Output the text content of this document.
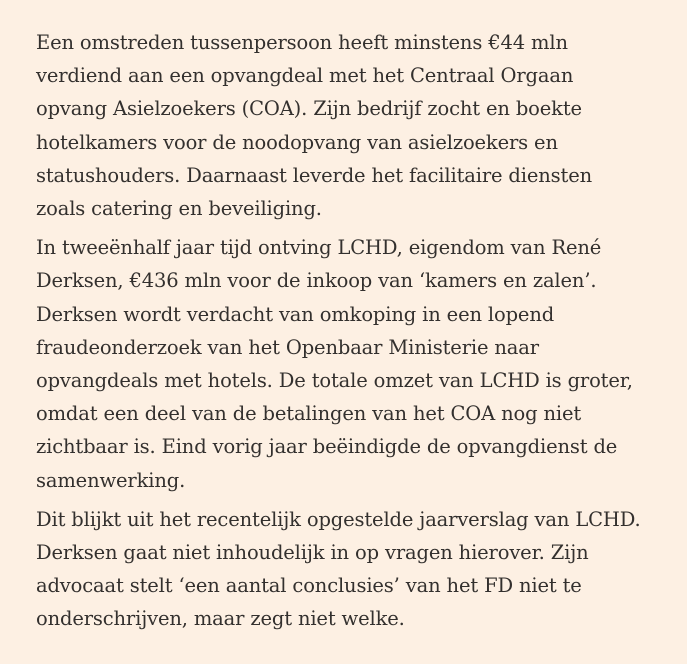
Een omstreden tussenpersoon heeft minstens €44 mln
verdiend aan een opvangdeal met het Centraal Orgaan
opvang Asielzoekers (COA). Zijn bedrijf zocht en boekte
hotelkamers voor de noodopvang van asielzoekers en
statushouders. Daarnaast leverde het facilitaire diensten
zoals catering en beveiliging.

In tweeënhalf jaar tijd ontving LCHD, eigendom van René
Derksen, €436 mln voor de inkoop van ‘kamers en zalen’.
Derksen wordt verdacht van omkoping in een lopend
fraudeonderzoek van het Openbaar Ministerie naar
opvangdeals met hotels. De totale omzet van LCHD is groter,
omdat een deel van de betalingen van het COA nog niet
zichtbaar is. Eind vorig jaar beëindigde de opvangdienst de
samenwerking.

Dit blijkt uit het recentelijk opgestelde jaarverslag van LCHD.
Derksen gaat niet inhoudelijk in op vragen hierover. Zijn
advocaat stelt ‘een aantal conclusies’ van het FD niet te
onderschrijven, maar zegt niet welke.
